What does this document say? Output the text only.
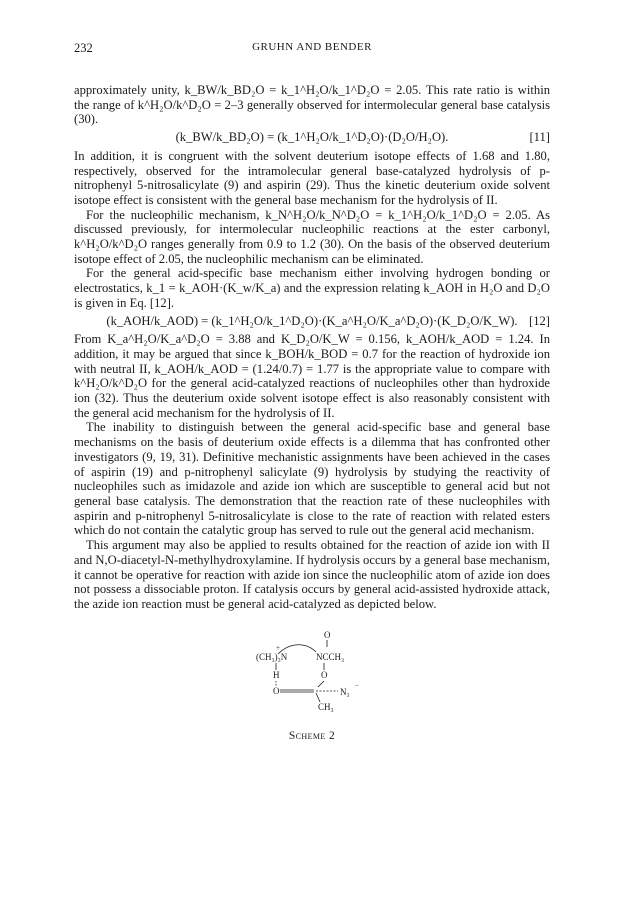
232	GRUHN AND BENDER

approximately unity, k_BW/k_BD₂O = k_1^H₂O/k_1^D₂O = 2.05. This rate ratio is within the range of k^H₂O/k^D₂O = 2–3 generally observed for intermolecular general base catalysis (30).

(k_BW/k_BD₂O) = (k_1^H₂O/k_1^D₂O)·(D₂O/H₂O).	[11]

In addition, it is congruent with the solvent deuterium isotope effects of 1.68 and 1.80, respectively, observed for the intramolecular general base-catalyzed hydrolysis of p-nitrophenyl 5-nitrosalicylate (9) and aspirin (29). Thus the kinetic deuterium oxide solvent isotope effect is consistent with the general base mechanism for the hydrolysis of II.

For the nucleophilic mechanism, k_N^H₂O/k_N^D₂O = k_1^H₂O/k_1^D₂O = 2.05. As discussed previously, for intermolecular nucleophilic reactions at the ester carbonyl, k^H₂O/k^D₂O ranges generally from 0.9 to 1.2 (30). On the basis of the observed deuterium isotope effect of 2.05, the nucleophilic mechanism can be eliminated.

For the general acid-specific base mechanism either involving hydrogen bonding or electrostatics, k_1 = k_AOH·(K_w/K_a) and the expression relating k_AOH in H₂O and D₂O is given in Eq. [12].

(k_AOH/k_AOD) = (k_1^H₂O/k_1^D₂O)·(K_a^H₂O/K_a^D₂O)·(K_D₂O/K_W). [12]

From K_a^H₂O/K_a^D₂O = 3.88 and K_D₂O/K_W = 0.156, k_AOH/k_AOD = 1.24. In addition, it may be argued that since k_BOH/k_BOD = 0.7 for the reaction of hydroxide ion with neutral II, k_AOH/k_AOD = (1.24/0.7) = 1.77 is the appropriate value to compare with k^H₂O/k^D₂O for the general acid-catalyzed reactions of nucleophiles other than hydroxide ion (32). Thus the deuterium oxide solvent isotope effect is also reasonably consistent with the general acid mechanism for the hydrolysis of II.

The inability to distinguish between the general acid-specific base and general base mechanisms on the basis of deuterium oxide effects is a dilemma that has confronted other investigators (9, 19, 31). Definitive mechanistic assignments have been achieved in the cases of aspirin (19) and p-nitrophenyl salicylate (9) hydrolysis by studying the reactivity of nucleophiles such as imidazole and azide ion which are susceptible to general acid but not general base catalysis. The demonstration that the reaction rate of these nucleophiles with aspirin and p-nitrophenyl 5-nitrosalicylate is close to the rate of reaction with related esters which do not contain the catalytic group has served to rule out the general acid mechanism.

This argument may also be applied to results obtained for the reaction of azide ion with II and N,O-diacetyl-N-methylhydroxylamine. If hydrolysis occurs by a general base mechanism, it cannot be operative for reaction with azide ion since the nucleophilic atom of azide ion does not possess a dissociable proton. If catalysis occurs by general acid-assisted hydroxide attack, the azide ion reaction must be general acid-catalyzed as depicted below.

O
+
(CH₃)₃N	NCCH₃
H	O
O	N₃
−
CH₃
Scheme 2
